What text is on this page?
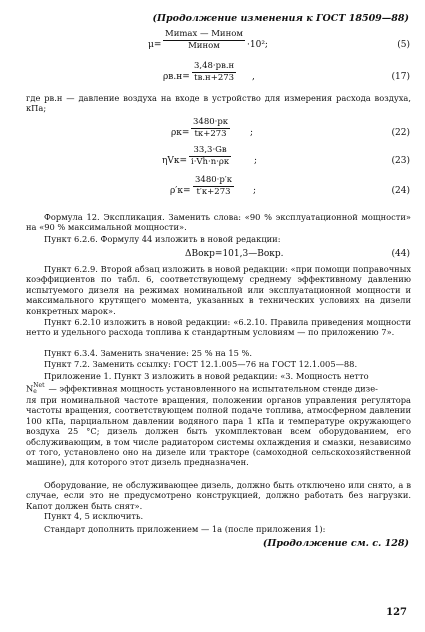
(Продолжение изменения к ГОСТ 18509—88)
μ=
Mиmax — Mином
Mином	·10²;	(5)
ρв.н=
3,48·pв.н
tв.н+273 ,	(17)
где pв.н — давление воздуха на входе в устройство для измерения расхода воздуха, кПа;
ρк=
3480·pк
tк+273	;	(22)
ηVк=
33,3·Gв
i·Vh·n·ρк	;	(23)
ρ′к=
3480·p′к
t′к+273	;	(24)
Формула 12. Экспликация. Заменить слова: «90 % эксплуатационной мощности» на «90 % максимальной мощности».
Пункт 6.2.6. Формулу 44 изложить в новой редакции:
ΔBокр=101,3—Bокр.	(44)
Пункт 6.2.9. Второй абзац изложить в новой редакции: «при помощи поправочных коэффициентов по табл. 6, соответствующему среднему эффективному давлению испытуемого дизеля на режимах номинальной или эксплуатационной мощности и максимального крутящего момента, указанных в технических условиях на дизели конкретных марок».
Пункт 6.2.10 изложить в новой редакции: «6.2.10. Правила приведения мощности нетто и удельного расхода топлива к стандартным условиям — по приложению 7».
Пункт 6.3.4. Заменить значение: 25 % на 15 %.
Пункт 7.2. Заменить ссылку: ГОСТ 12.1.005—76 на ГОСТ 12.1.005—88.
Приложение 1. Пункт 3 изложить в новой редакции: «3. Мощность нетто
N Net
e	— эффективная мощность установленного на испытательном стенде дизе-
ля при номинальной частоте вращения, положении органов управления регулятора частоты вращения, соответствующем полной подаче топлива, атмосферном давлении 100 кПа, парциальном давлении водяного пара 1 кПа и температуре окружающего воздуха 25 °С; дизель должен быть укомплектован всем оборудованием, его обслуживающим, в том числе радиатором системы охлаждения и смазки, независимо от того, установлено оно на дизеле или тракторе (самоходной сельскохозяйственной машине), для которого этот дизель предназначен.
Оборудование, не обслуживающее дизель, должно быть отключено или снято, а в случае, если это не предусмотрено конструкцией, должно работать без нагрузки. Капот должен быть снят».
Пункт 4, 5 исключить.
Стандарт дополнить приложением — 1а (после приложения 1):
(Продолжение см. с. 128)
127
